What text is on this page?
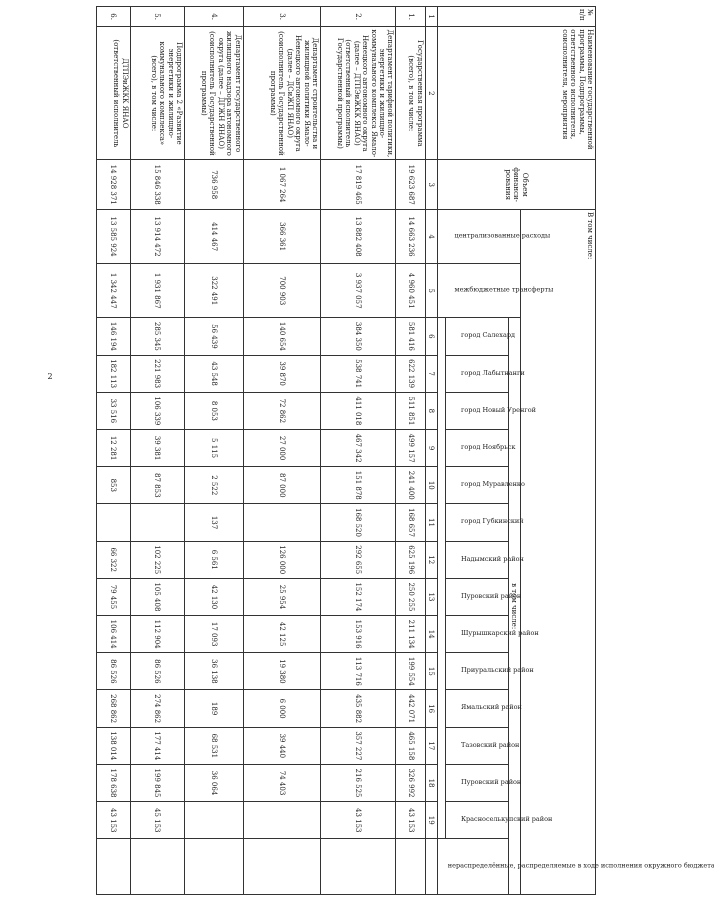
2
№ п/п	Наименование государственной программы, Подпрограммы, ответственного исполнителя, соисполнителя, мероприятия	Объем финанси-рования	В том числе:																

			централизованные расходы	межбюджетные трансферты	в том числе:														

					город Салехард	город Лабытнанги	город Новый Уренгой	город Ноябрьск	город Муравленко	город Губкинский	Надымский район	Пуровский район	Шурышкарский район	Приуральский район	Ямальский район	Тазовский район	Пуровский район	Красноселькупский район	нераспределённые, распределяемые в ходе исполнения окружного бюджета

1	2	3	4	5	6	7	8	9	10	11	12	13	14	15	16	17	18	19	
1.	Государственная программа (всего), в том числе:	19 623 687	14 663 236	4 960 451	581 416	622 139	511 851	499 157	241 400	168 657	625 196	250 255	211 134	199 554	442 071	465 158	326 992	43 153	
2.	Департамент тарифной политики, энергетики и жилищно-коммунального комплекса Ямало-Ненецкого автономного округа (далее – ДТПЭиЖКК ЯНАО) (ответственный исполнитель Государственной программы)	17 819 465	13 882 408	3 937 057	384 350	538 741	411 018	467 342	151 878	168 520	292 655	152 174	153 916	113 716	435 882	357 227	216 525	43 153	
3.	Департамент строительства и жилищной политики Ямало-Ненецкого автономного округа (далее – ДСиЖП ЯНАО) (соисполнитель Государственной программы)	1 067 264	366 361	700 903	140 654	39 870	72 862	27 000	87 000		126 000	25 954	42 125	19 380	6 000	39 440	74 403		
4.	Департамент государственного жилищного надзора автономного округа (далее – ДГЖН ЯНАО) (соисполнитель Государственной программы)	736 958	414 467	322 491	56 439	43 548	8 053	5 115	2 522	137	6 561	42 130	17 093	36 138	189	68 531	36 064		
5.	Подпрограмма 2 «Развитие энергетики и жилищно-коммунального комплекса» (всего), в том числе:	15 846 338	13 914 472	1 931 867	285 345	221 983	106 339	39 381	87 853		102 225	105 408	112 904	86 526	274 862	177 414	199 845	45 153	
6.	ДТПЭиЖКК ЯНАО (ответственный исполнитель	14 928 371	13 585 924	1 342 447	146 194	182 113	33 516	12 281	853		66 322	79 455	106 414	86 526	268 862	138 014	178 638	43 153	
